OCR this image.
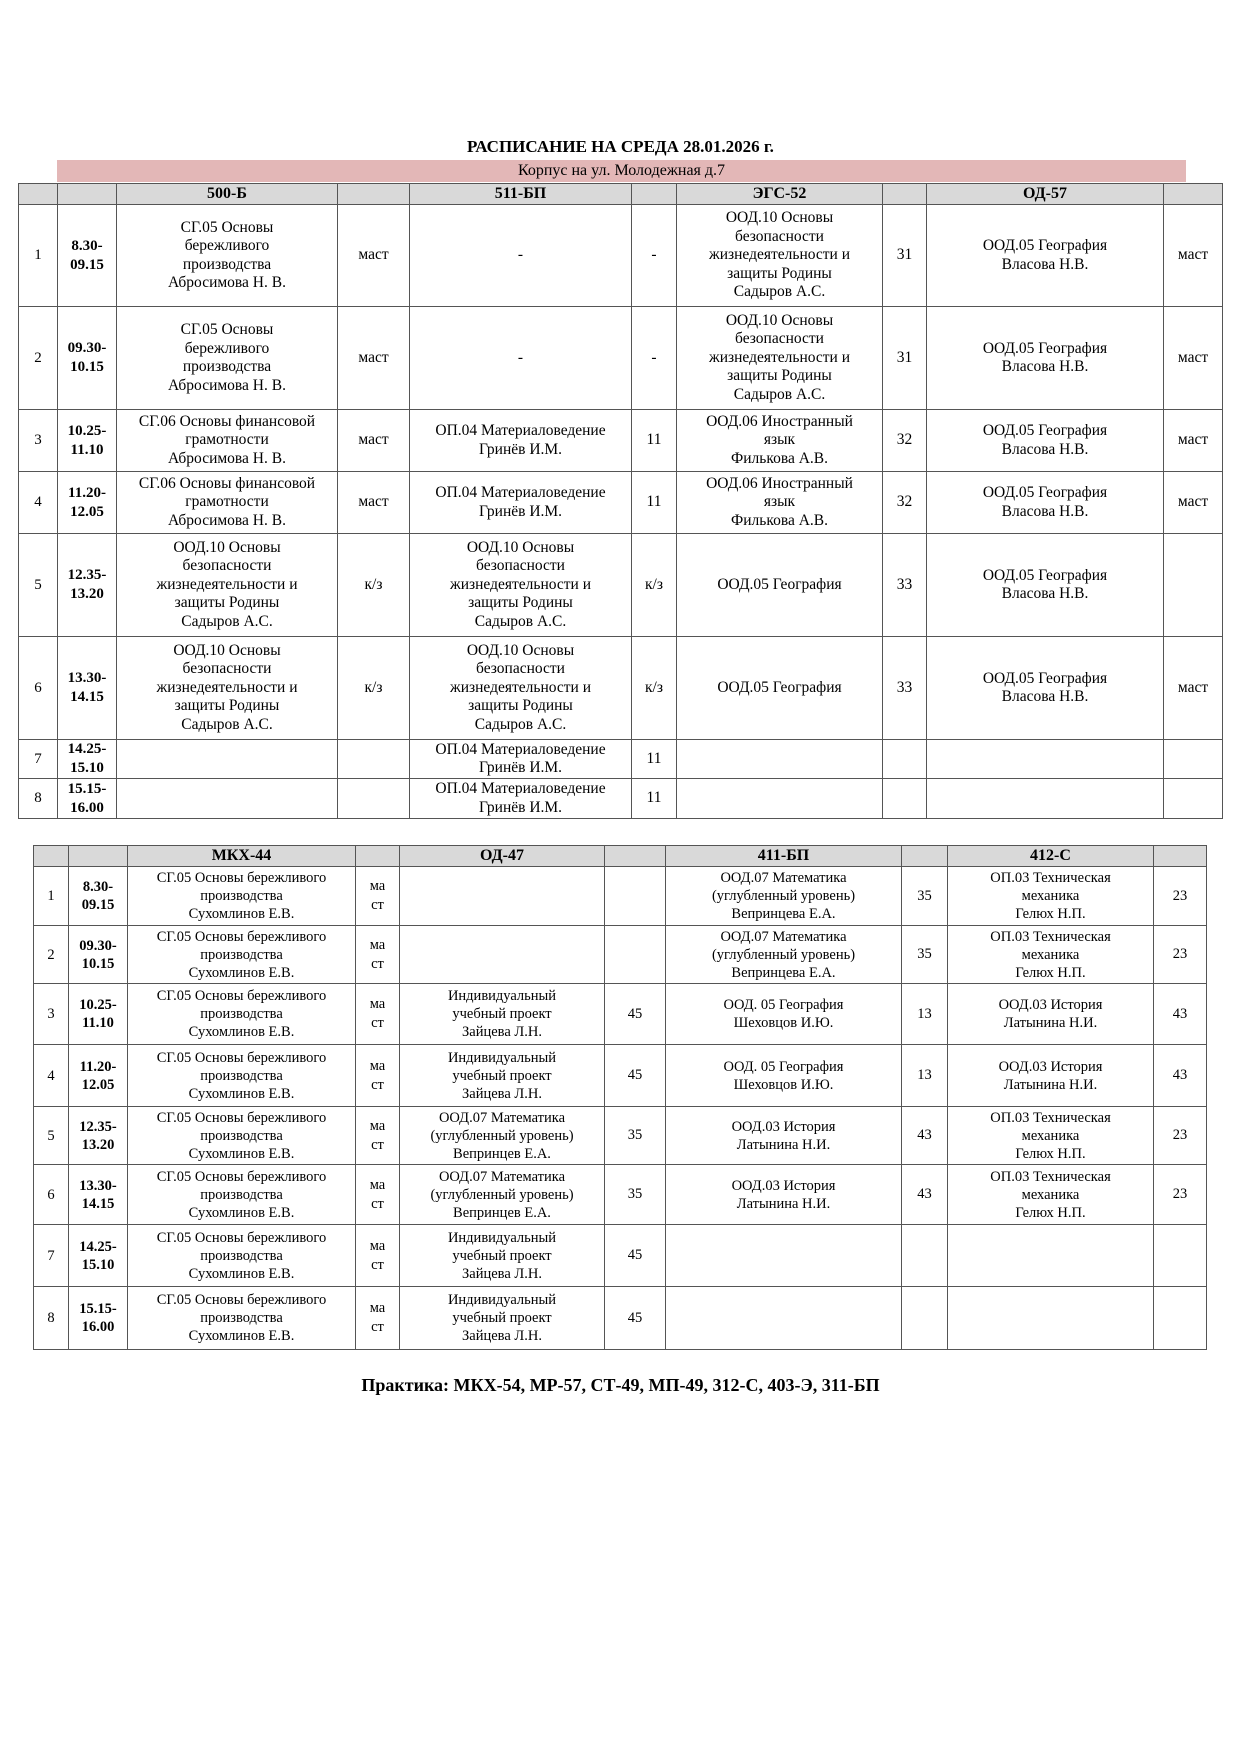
РАСПИСАНИЕ НА СРЕДА 28.01.2026 г.
Корпус на ул. Молодежная д.7
		500-Б		511-БП		ЭГС-52		ОД-57	
1	8.30-
09.15	СГ.05 Основы
бережливого
производства
Абросимова Н. В.	маст	-	-	ООД.10 Основы
безопасности
жизнедеятельности и
защиты Родины
Садыров А.С.	31	ООД.05 География
Власова Н.В.	маст
2	09.30-
10.15	СГ.05 Основы
бережливого
производства
Абросимова Н. В.	маст	-	-	ООД.10 Основы
безопасности
жизнедеятельности и
защиты Родины
Садыров А.С.	31	ООД.05 География
Власова Н.В.	маст
3	10.25-
11.10	СГ.06 Основы финансовой
грамотности
Абросимова Н. В.	маст	ОП.04 Материаловедение
Гринёв И.М.	11	ООД.06 Иностранный
язык
Филькова А.В.	32	ООД.05 География
Власова Н.В.	маст
4	11.20-
12.05	СГ.06 Основы финансовой
грамотности
Абросимова Н. В.	маст	ОП.04 Материаловедение
Гринёв И.М.	11	ООД.06 Иностранный
язык
Филькова А.В.	32	ООД.05 География
Власова Н.В.	маст
5	12.35-
13.20	ООД.10 Основы
безопасности
жизнедеятельности и
защиты Родины
Садыров А.С.	к/з	ООД.10 Основы
безопасности
жизнедеятельности и
защиты Родины
Садыров А.С.	к/з	ООД.05 География	33	ООД.05 География
Власова Н.В.	
6	13.30-
14.15	ООД.10 Основы
безопасности
жизнедеятельности и
защиты Родины
Садыров А.С.	к/з	ООД.10 Основы
безопасности
жизнедеятельности и
защиты Родины
Садыров А.С.	к/з	ООД.05 География	33	ООД.05 География
Власова Н.В.	маст
7	14.25-
15.10			ОП.04 Материаловедение
Гринёв И.М.	11				
8	15.15-
16.00			ОП.04 Материаловедение
Гринёв И.М.	11				
		МКХ-44		ОД-47		411-БП		412-С	
1	8.30-
09.15	СГ.05 Основы бережливого
производства
Сухомлинов Е.В.	ма
ст			ООД.07 Математика
(углубленный уровень)
Вепринцева Е.А.	35	ОП.03 Техническая
механика
Гелюх Н.П.	23
2	09.30-
10.15	СГ.05 Основы бережливого
производства
Сухомлинов Е.В.	ма
ст			ООД.07 Математика
(углубленный уровень)
Вепринцева Е.А.	35	ОП.03 Техническая
механика
Гелюх Н.П.	23
3	10.25-
11.10	СГ.05 Основы бережливого
производства
Сухомлинов Е.В.	ма
ст	Индивидуальный
учебный проект
Зайцева Л.Н.	45	ООД. 05 География
Шеховцов И.Ю.	13	ООД.03 История
Латынина Н.И.	43
4	11.20-
12.05	СГ.05 Основы бережливого
производства
Сухомлинов Е.В.	ма
ст	Индивидуальный
учебный проект
Зайцева Л.Н.	45	ООД. 05 География
Шеховцов И.Ю.	13	ООД.03 История
Латынина Н.И.	43
5	12.35-
13.20	СГ.05 Основы бережливого
производства
Сухомлинов Е.В.	ма
ст	ООД.07 Математика
(углубленный уровень)
Вепринцев Е.А.	35	ООД.03 История
Латынина Н.И.	43	ОП.03 Техническая
механика
Гелюх Н.П.	23
6	13.30-
14.15	СГ.05 Основы бережливого
производства
Сухомлинов Е.В.	ма
ст	ООД.07 Математика
(углубленный уровень)
Вепринцев Е.А.	35	ООД.03 История
Латынина Н.И.	43	ОП.03 Техническая
механика
Гелюх Н.П.	23
7	14.25-
15.10	СГ.05 Основы бережливого
производства
Сухомлинов Е.В.	ма
ст	Индивидуальный
учебный проект
Зайцева Л.Н.	45				
8	15.15-
16.00	СГ.05 Основы бережливого
производства
Сухомлинов Е.В.	ма
ст	Индивидуальный
учебный проект
Зайцева Л.Н.	45				
Практика: МКХ-54, МР-57, СТ-49, МП-49, 312-С, 403-Э, 311-БП
